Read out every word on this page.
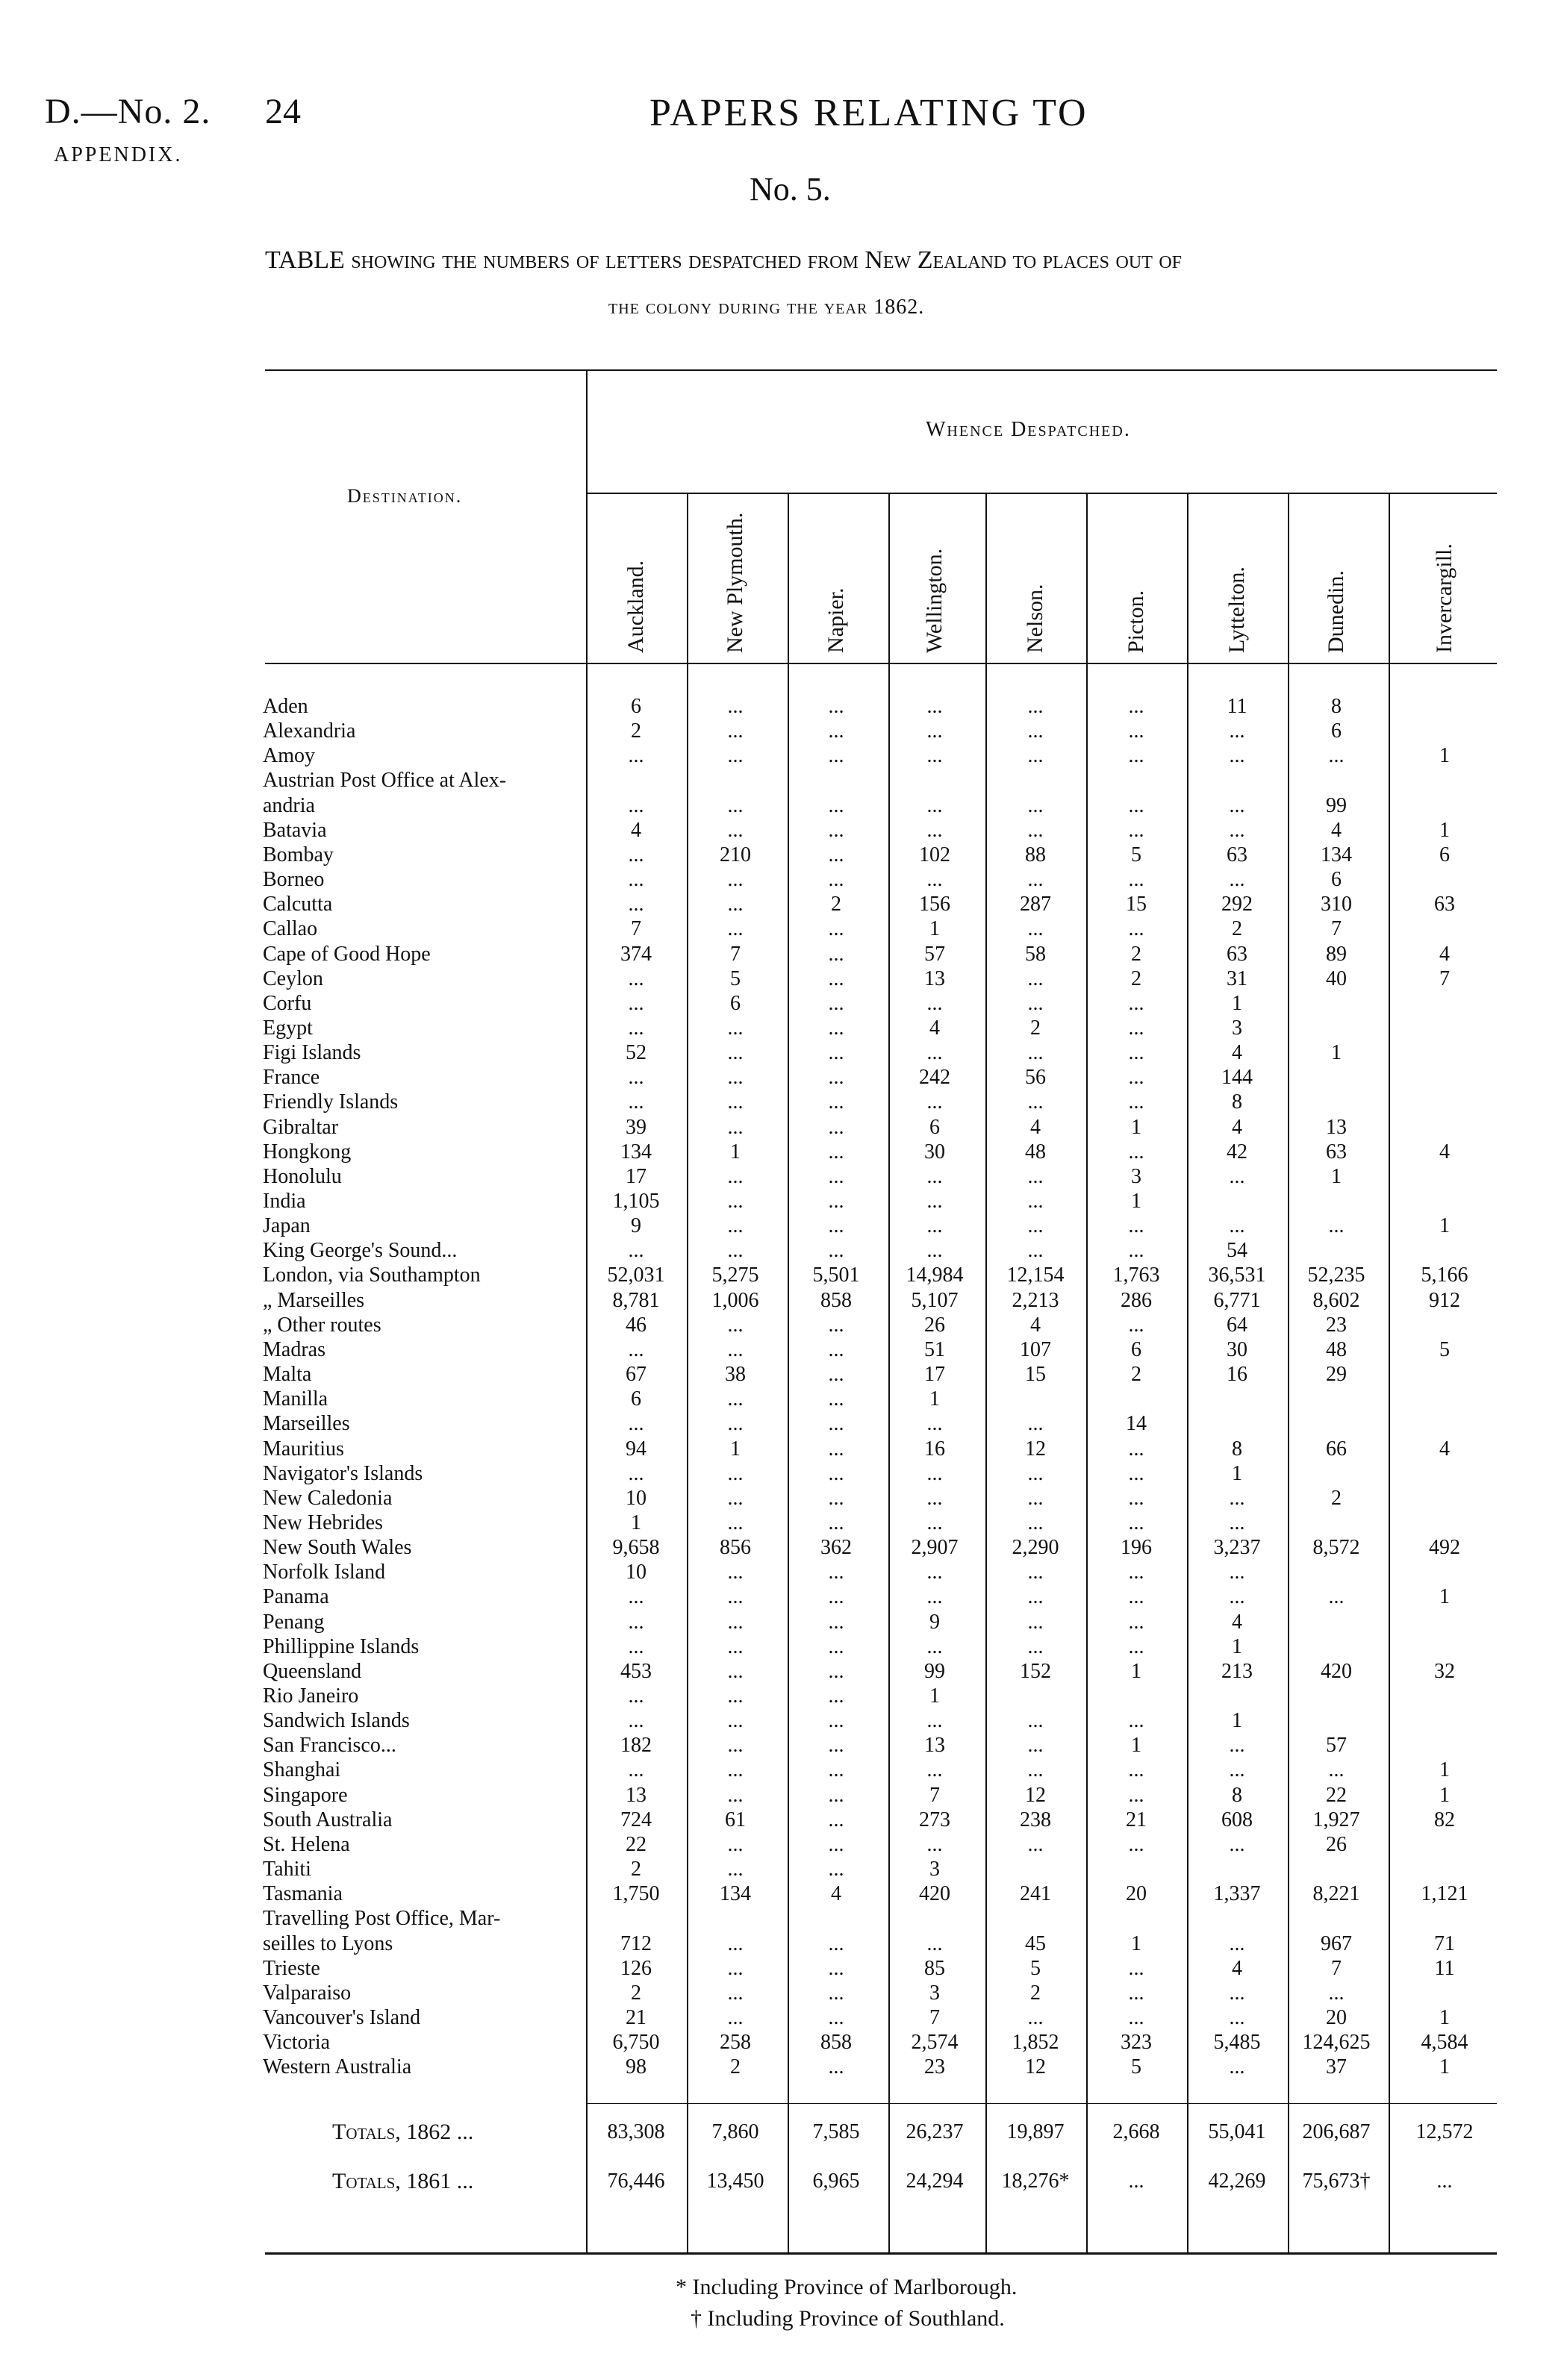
D.—No. 2.
APPENDIX.
24	PAPERS RELATING TO
No. 5.
TABLE showing the numbers of letters despatched from New Zealand to places out of
the colony during the year 1862.
Whence Despatched.
Destination.
Auckland.	New Plymouth.	Napier.	Wellington.	Nelson.	Picton.	Lyttelton.	Dunedin.	Invercargill.
Aden	6	...	...	...	...	...	11	8
Alexandria	2	...	...	...	...	...	...	6
Amoy	...	...	...	...	...	...	...	...	1
Austrian Post Office at Alex-
andria	...	...	...	...	...	...	...	99
Batavia	4	...	...	...	...	...	...	4	1
Bombay	...	210	...	102	88	5	63	134	6
Borneo	...	...	...	...	...	...	...	6
Calcutta	...	...	2	156	287	15	292	310	63
Callao	7	...	...	1	...	...	2	7
Cape of Good Hope	374	7	...	57	58	2	63	89	4
Ceylon	...	5	...	13	...	2	31	40	7
Corfu	...	6	...	...	...	...	1
Egypt	...	...	...	4	2	...	3
Figi Islands	52	...	...	...	...	...	4	1
France	...	...	...	242	56	...	144
Friendly Islands	...	...	...	...	...	...	8
Gibraltar	39	...	...	6	4	1	4	13
Hongkong	134	1	...	30	48	...	42	63	4
Honolulu	17	...	...	...	...	3	...	1
India	1,105	...	...	...	...	1
Japan	9	...	...	...	...	...	...	...	1
King George's Sound...	...	...	...	...	...	...	54
London, via Southampton	52,031	5,275	5,501	14,984	12,154	1,763	36,531	52,235	5,166
„ Marseilles	8,781	1,006	858	5,107	2,213	286	6,771	8,602	912
„ Other routes	46	...	...	26	4	...	64	23
Madras	...	...	...	51	107	6	30	48	5
Malta	67	38	...	17	15	2	16	29
Manilla	6	...	...	1
Marseilles	...	...	...	...	...	14
Mauritius	94	1	...	16	12	...	8	66	4
Navigator's Islands	...	...	...	...	...	...	1
New Caledonia	10	...	...	...	...	...	...	2
New Hebrides	1	...	...	...	...	...	...
New South Wales	9,658	856	362	2,907	2,290	196	3,237	8,572	492
Norfolk Island	10	...	...	...	...	...	...
Panama	...	...	...	...	...	...	...	...	1
Penang	...	...	...	9	...	...	4
Phillippine Islands	...	...	...	...	...	...	1
Queensland	453	...	...	99	152	1	213	420	32
Rio Janeiro	...	...	...	1
Sandwich Islands	...	...	...	...	...	...	1
San Francisco...	182	...	...	13	...	1	...	57
Shanghai	...	...	...	...	...	...	...	...	1
Singapore	13	...	...	7	12	...	8	22	1
South Australia	724	61	...	273	238	21	608	1,927	82
St. Helena	22	...	...	...	...	...	...	26
Tahiti	2	...	...	3
Tasmania	1,750	134	4	420	241	20	1,337	8,221	1,121
Travelling Post Office, Mar-
seilles to Lyons	712	...	...	...	45	1	...	967	71
Trieste	126	...	...	85	5	...	4	7	11
Valparaiso	2	...	...	3	2	...	...	...
Vancouver's Island	21	...	...	7	...	...	...	20	1
Victoria	6,750	258	858	2,574	1,852	323	5,485	124,625	4,584
Western Australia	98	2	...	23	12	5	...	37	1
Totals, 1862 ...	83,308	7,860	7,585	26,237	19,897	2,668	55,041	206,687	12,572
Totals, 1861 ...	76,446	13,450	6,965	24,294	18,276*	...	42,269	75,673†	...
* Including Province of Marlborough.
† Including Province of Southland.
